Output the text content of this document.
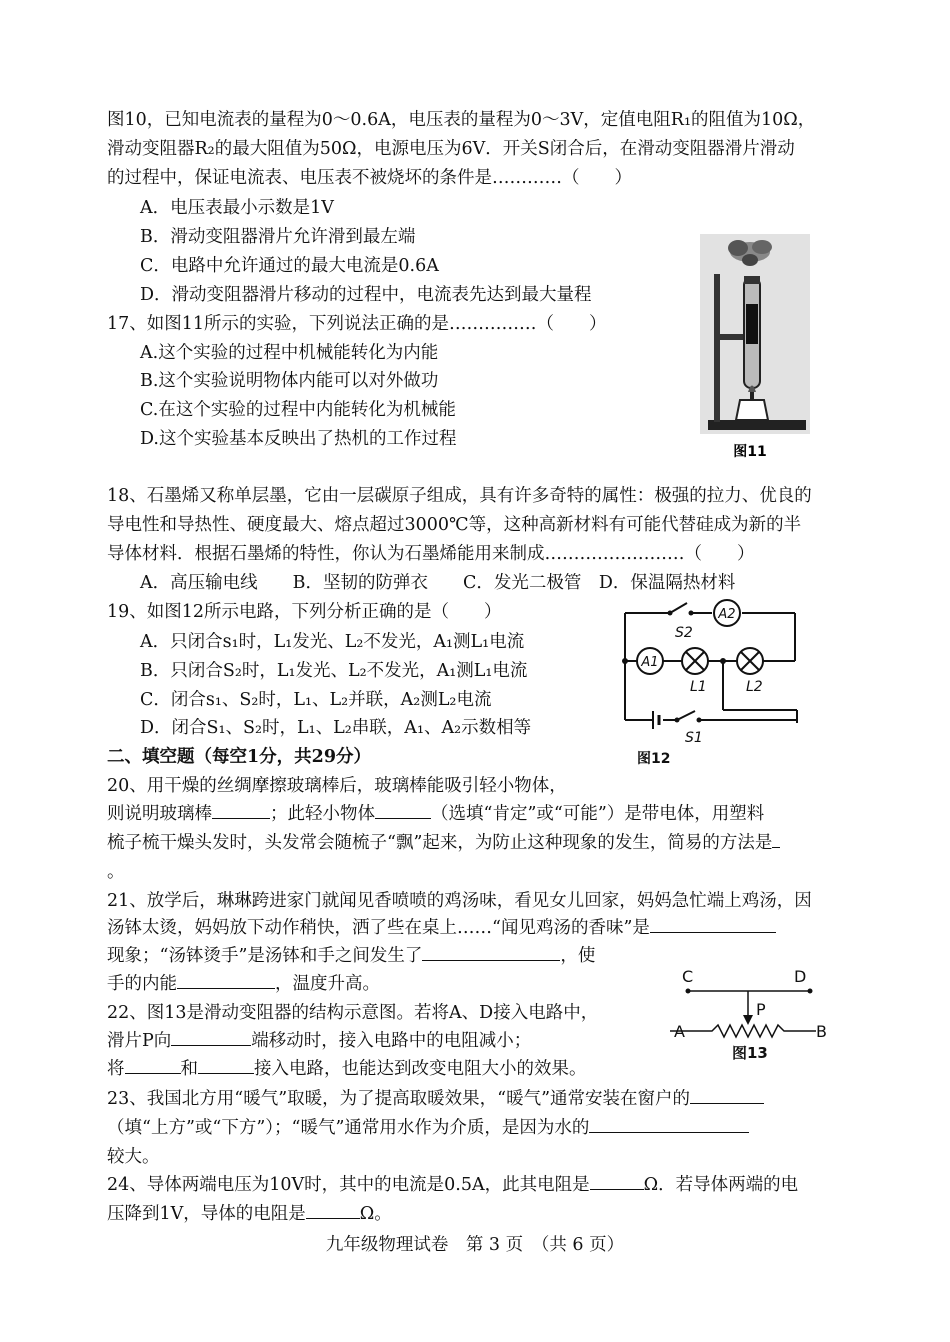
图10，已知电流表的量程为0～0.6A，电压表的量程为0～3V，定值电阻R₁的阻值为10Ω，
滑动变阻器R₂的最大阻值为50Ω，电源电压为6V．开关S闭合后，在滑动变阻器滑片滑动
的过程中，保证电流表、电压表不被烧坏的条件是…………（　　）
A．电压表最小示数是1V
B．滑动变阻器滑片允许滑到最左端
C．电路中允许通过的最大电流是0.6A
D．滑动变阻器滑片移动的过程中，电流表先达到最大量程
17、如图11所示的实验，下列说法正确的是……………（　　）
A.这个实验的过程中机械能转化为内能
B.这个实验说明物体内能可以对外做功
C.在这个实验的过程中内能转化为机械能
D.这个实验基本反映出了热机的工作过程
图11
18、石墨烯又称单层墨，它由一层碳原子组成，具有许多奇特的属性：极强的拉力、优良的
导电性和导热性、硬度最大、熔点超过3000℃等，这种高新材料有可能代替硅成为新的半
导体材料．根据石墨烯的特性，你认为石墨烯能用来制成……………………（　　）
A．高压输电线　　B．坚韧的防弹衣　　C．发光二极管　D．保温隔热材料
19、如图12所示电路，下列分析正确的是（　　）
A．只闭合s₁时，L₁发光、L₂不发光，A₁测L₁电流
B．只闭合S₂时，L₁发光、L₂不发光，A₁测L₁电流
C．闭合s₁、S₂时，L₁、L₂并联，A₂测L₂电流
D．闭合S₁、S₂时，L₁、L₂串联，A₁、A₂示数相等
A2
A1
S2
L1	L2
S1
图12
二、填空题（每空1分，共29分）
20、用干燥的丝绸摩擦玻璃棒后，玻璃棒能吸引轻小物体，
则说明玻璃棒	；此轻小物体	（选填“肯定”或“可能”）是带电体，用塑料
梳子梳干燥头发时，头发常会随梳子“飘”起来，为防止这种现象的发生，简易的方法是
。
21、放学后，琳琳跨进家门就闻见香喷喷的鸡汤味，看见女儿回家，妈妈急忙端上鸡汤，因
汤钵太烫，妈妈放下动作稍快，洒了些在桌上……“闻见鸡汤的香味”是
现象；“汤钵烫手”是汤钵和手之间发生了	，使
手的内能	，温度升高。
22、图13是滑动变阻器的结构示意图。若将A、D接入电路中，
滑片P向	端移动时，接入电路中的电阻减小；
将	和	接入电路，也能达到改变电阻大小的效果。
C	D
P
A	B
图13
23、我国北方用“暖气”取暖，为了提高取暖效果，“暖气”通常安装在窗户的
（填“上方”或“下方”）；“暖气”通常用水作为介质，是因为水的
较大。
24、导体两端电压为10V时，其中的电流是0.5A，此其电阻是	Ω．若导体两端的电
压降到1V，导体的电阻是	Ω。
九年级物理试卷　第 3 页　（共 6 页）
